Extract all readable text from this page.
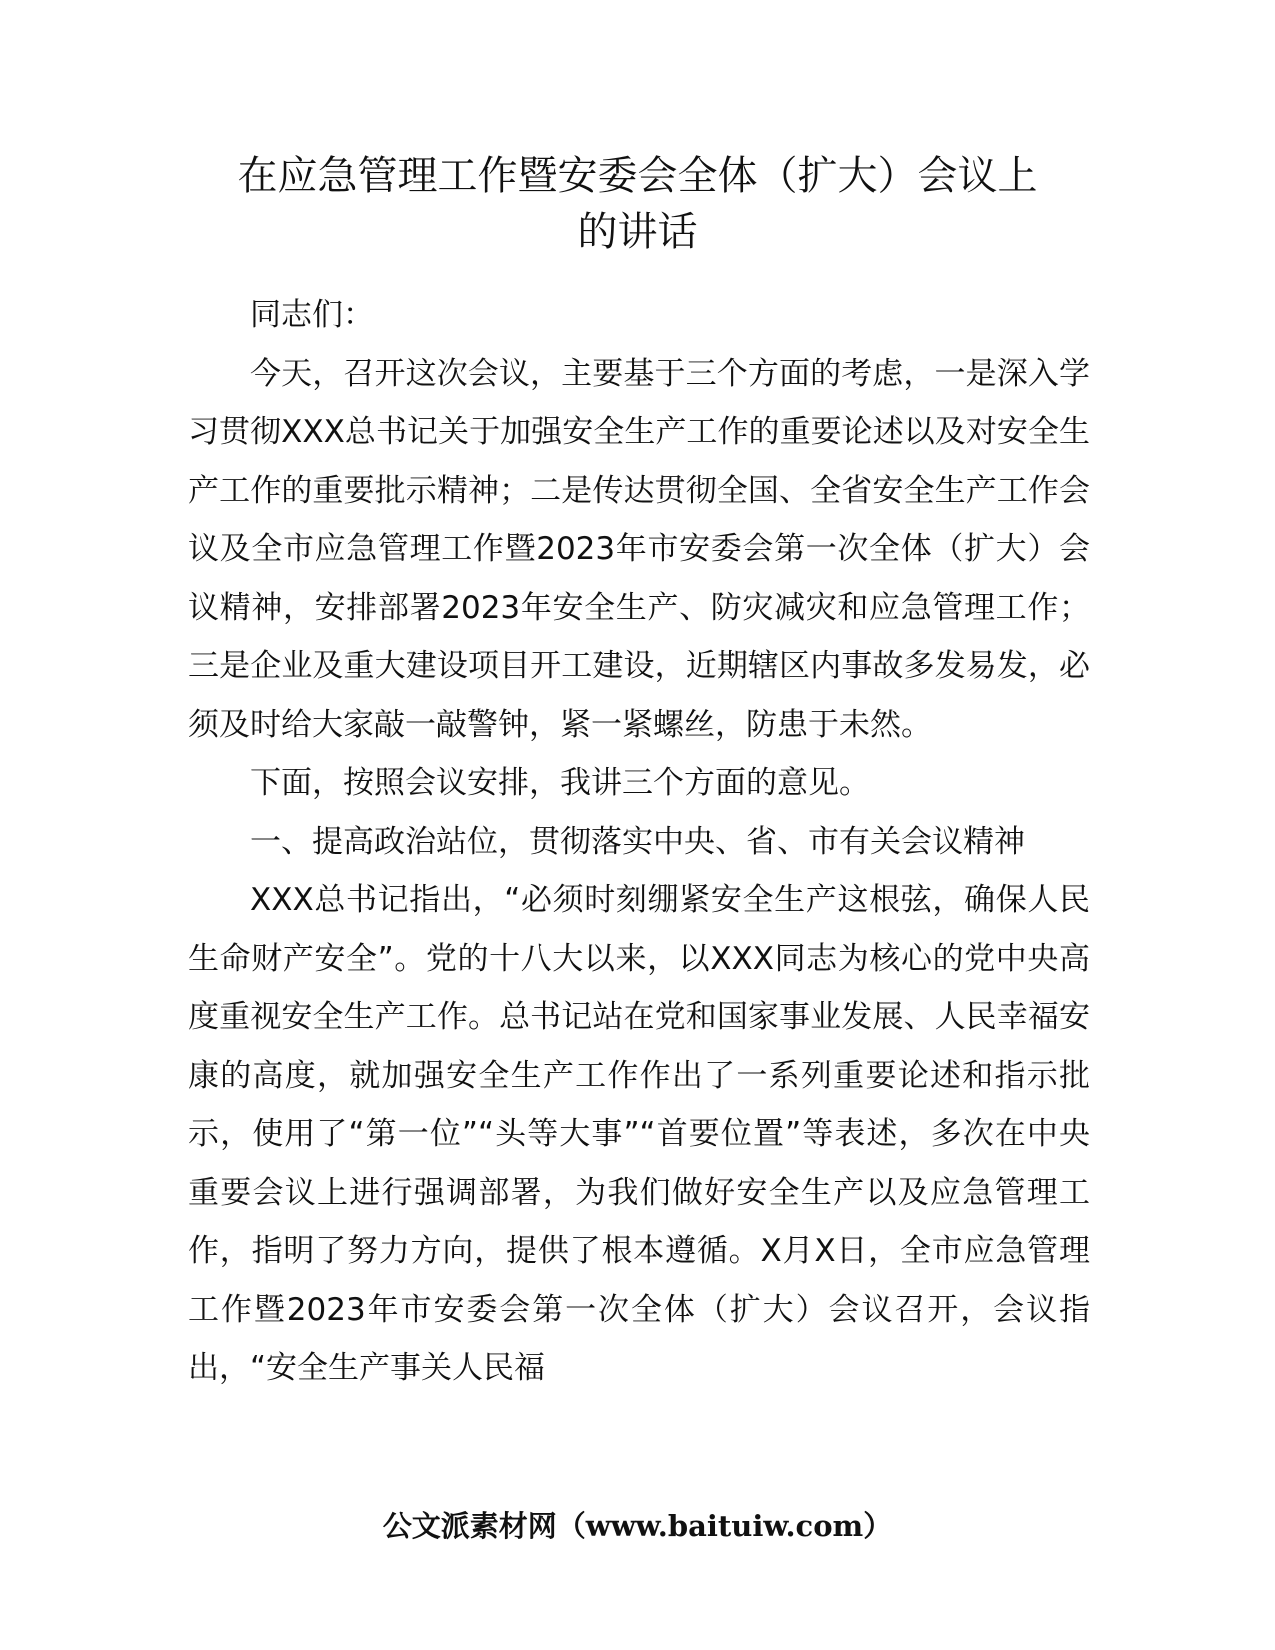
在应急管理工作暨安委会全体（扩大）会议上
的讲话

同志们：

今天，召开这次会议，主要基于三个方面的考虑，一是深入学习贯彻XXX总书记关于加强安全生产工作的重要论述以及对安全生产工作的重要批示精神；二是传达贯彻全国、全省安全生产工作会议及全市应急管理工作暨2023年市安委会第一次全体（扩大）会议精神，安排部署2023年安全生产、防灾减灾和应急管理工作；三是企业及重大建设项目开工建设，近期辖区内事故多发易发，必须及时给大家敲一敲警钟，紧一紧螺丝，防患于未然。

下面，按照会议安排，我讲三个方面的意见。

一、提高政治站位，贯彻落实中央、省、市有关会议精神

XXX总书记指出，“必须时刻绷紧安全生产这根弦，确保人民生命财产安全”。党的十八大以来，以XXX同志为核心的党中央高度重视安全生产工作。总书记站在党和国家事业发展、人民幸福安康的高度，就加强安全生产工作作出了一系列重要论述和指示批示，使用了“第一位”“头等大事”“首要位置”等表述，多次在中央重要会议上进行强调部署，为我们做好安全生产以及应急管理工作，指明了努力方向，提供了根本遵循。X月X日，全市应急管理工作暨2023年市安委会第一次全体（扩大）会议召开，会议指出，“安全生产事关人民福

公文派素材网（www.baituiw.com）
